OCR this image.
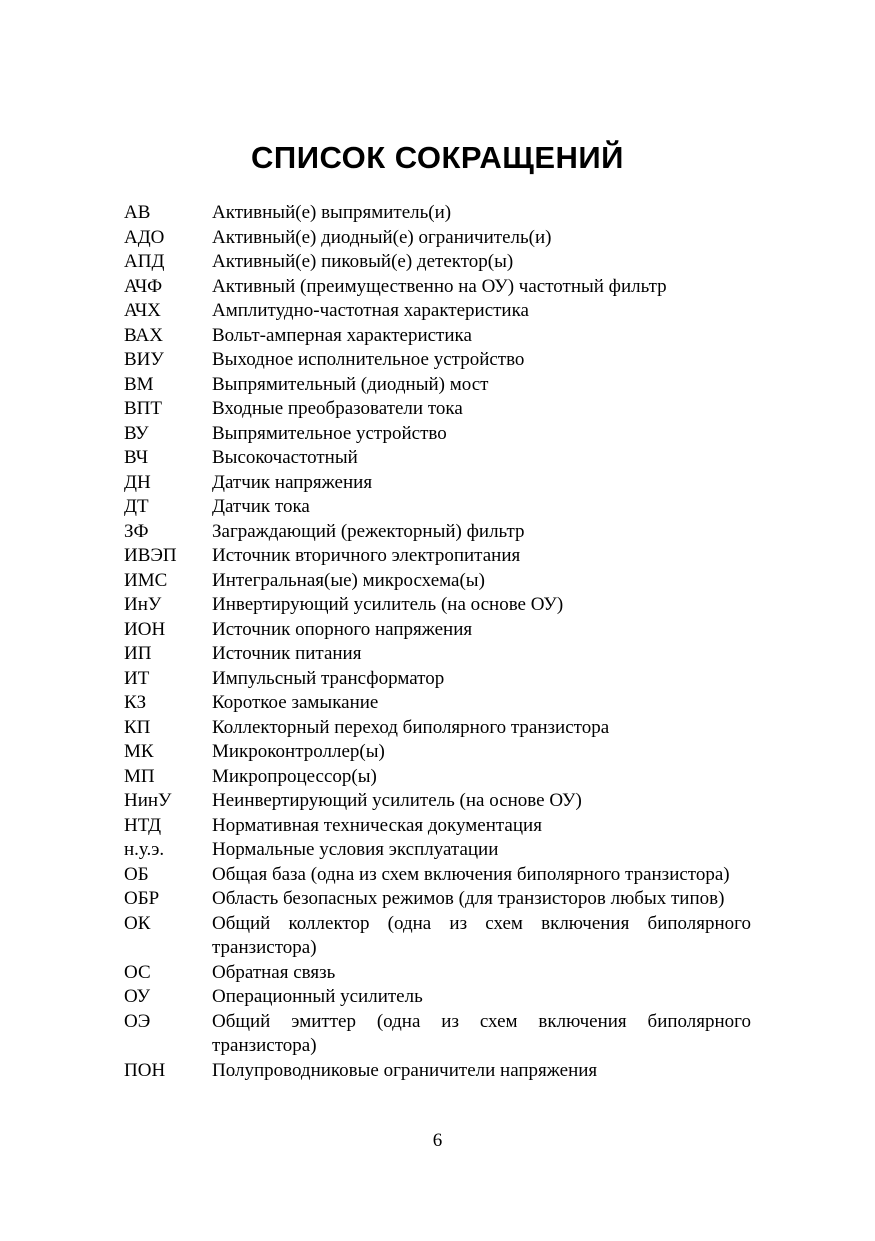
СПИСОК СОКРАЩЕНИЙ
АВ	Активный(е) выпрямитель(и)
АДО	Активный(е) диодный(е) ограничитель(и)
АПД	Активный(е) пиковый(е) детектор(ы)
АЧФ	Активный (преимущественно на ОУ) частотный фильтр
АЧХ	Амплитудно-частотная характеристика
ВАХ	Вольт-амперная характеристика
ВИУ	Выходное исполнительное устройство
ВМ	Выпрямительный (диодный) мост
ВПТ	Входные преобразователи тока
ВУ	Выпрямительное устройство
ВЧ	Высокочастотный
ДН	Датчик напряжения
ДТ	Датчик тока
ЗФ	Заграждающий (режекторный) фильтр
ИВЭП	Источник вторичного электропитания
ИМС	Интегральная(ые) микросхема(ы)
ИнУ	Инвертирующий усилитель (на основе ОУ)
ИОН	Источник опорного напряжения
ИП	Источник питания
ИТ	Импульсный трансформатор
КЗ	Короткое замыкание
КП	Коллекторный переход биполярного транзистора
МК	Микроконтроллер(ы)
МП	Микропроцессор(ы)
НинУ	Неинвертирующий усилитель (на основе ОУ)
НТД	Нормативная техническая документация
н.у.э.	Нормальные условия эксплуатации
ОБ	Общая база (одна из схем включения биполярного транзистора)
ОБР	Область безопасных режимов (для транзисторов любых типов)
ОК	Общий коллектор (одна из схем включения биполярного транзистора)
ОС	Обратная связь
ОУ	Операционный усилитель
ОЭ	Общий эмиттер (одна из схем включения биполярного транзистора)
ПОН	Полупроводниковые ограничители напряжения
6
